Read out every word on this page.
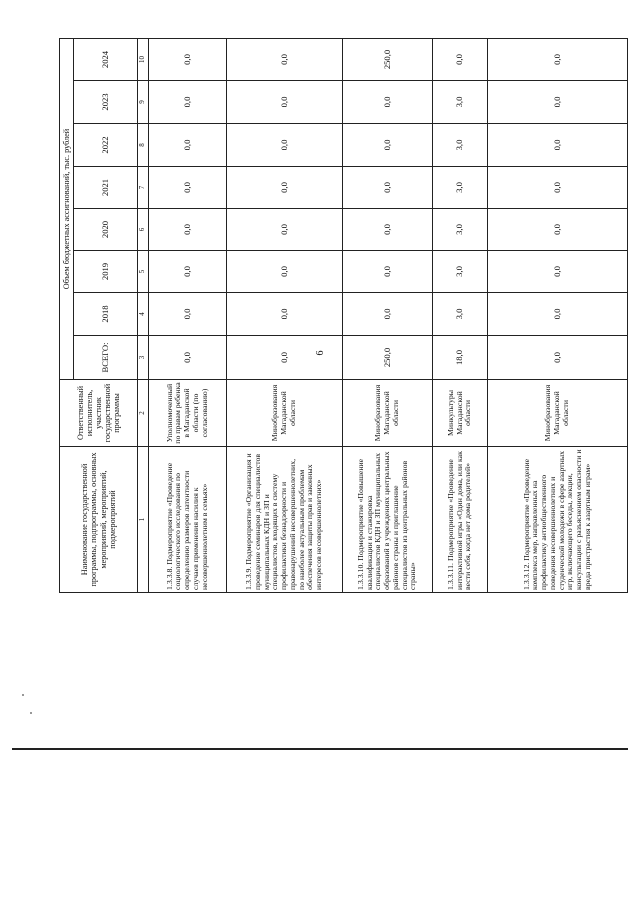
6
Наименование государственной программы, подпрограммы, основных мероприятий, мероприятий, подмероприятий	Ответственный исполнитель, участник государственной программы	Объем бюджетных ассигнований, тыс. рублей							
		ВСЕГО:	2018	2019	2020	2021	2022	2023	2024
1	2	3	4	5	6	7	8	9	10
1.3.3.8. Подмероприятие «Проведение социологического исследования по определению размеров латентности случаев применения насилия к несовершеннолетним в семьях»	Уполномоченный по правам ребенка в Магаданской области (по согласованию)	0,0	0,0	0,0	0,0	0,0	0,0	0,0	0,0
1.3.3.9. Подмероприятие «Организация и проведение семинаров для специалистов муниципальных КДН и ЗП и специалистов, входящих в систему профилактики безнадзорности и правонарушений несовершеннолетних, по наиболее актуальным проблемам обеспечения защиты прав и законных интересов несовершеннолетних»	Минобразования Магаданской области	0,0	0,0	0,0	0,0	0,0	0,0	0,0	0,0
1.3.3.10. Подмероприятие «Повышение квалификации и стажировка специалистов КДН и ЗП муниципальных образований в учреждениях центральных районов страны и приглашение специалистов из центральных районов страны»	Минобразования Магаданской области	250,0	0,0	0,0	0,0	0,0	0,0	0,0	250,0
1.3.3.11. Подмероприятие «Проведение интерактивной игры «Один дома, или как вести себя, когда нет дома родителей»	Минкультуры Магаданской области	18,0	3,0	3,0	3,0	3,0	3,0	3,0	0,0
1.3.3.12. Подмероприятие «Проведение комплекса мер, направленных на профилактику антиобщественного поведения несовершеннолетних и студенческой молодежи в сфере азартных игр, включающего беседы, лекции, консультации с разъяснением опасности и вреда пристрастия к азартным играм»	Минобразования Магаданской области	0,0	0,0	0,0	0,0	0,0	0,0	0,0	0,0
